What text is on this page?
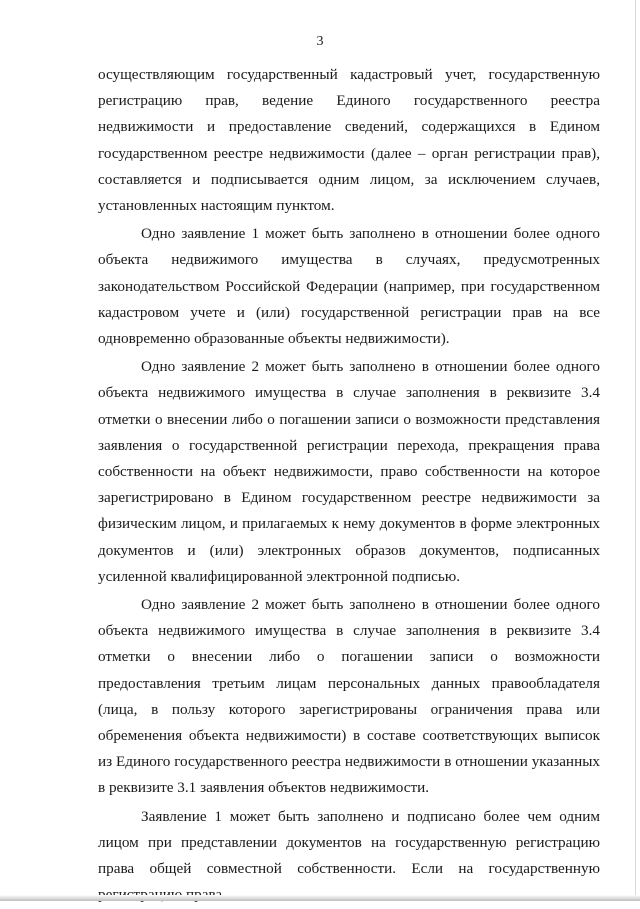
3

осуществляющим государственный кадастровый учет, государственную регистрацию прав, ведение Единого государственного реестра недвижимости и предоставление сведений, содержащихся в Едином государственном реестре недвижимости (далее – орган регистрации прав), составляется и подписывается одним лицом, за исключением случаев, установленных настоящим пунктом.

Одно заявление 1 может быть заполнено в отношении более одного объекта недвижимого имущества в случаях, предусмотренных законодательством Российской Федерации (например, при государственном кадастровом учете и (или) государственной регистрации прав на все одновременно образованные объекты недвижимости).

Одно заявление 2 может быть заполнено в отношении более одного объекта недвижимого имущества в случае заполнения в реквизите 3.4 отметки о внесении либо о погашении записи о возможности представления заявления о государственной регистрации перехода, прекращения права собственности на объект недвижимости, право собственности на которое зарегистрировано в Едином государственном реестре недвижимости за физическим лицом, и прилагаемых к нему документов в форме электронных документов и (или) электронных образов документов, подписанных усиленной квалифицированной электронной подписью.

Одно заявление 2 может быть заполнено в отношении более одного объекта недвижимого имущества в случае заполнения в реквизите 3.4 отметки о внесении либо о погашении записи о возможности предоставления третьим лицам персональных данных правообладателя (лица, в пользу которого зарегистрированы ограничения права или обременения объекта недвижимости) в составе соответствующих выписок из Единого государственного реестра недвижимости в отношении указанных в реквизите 3.1 заявления объектов недвижимости.

Заявление 1 может быть заполнено и подписано более чем одним лицом при представлении документов на государственную регистрацию права общей совместной собственности. Если на государственную
